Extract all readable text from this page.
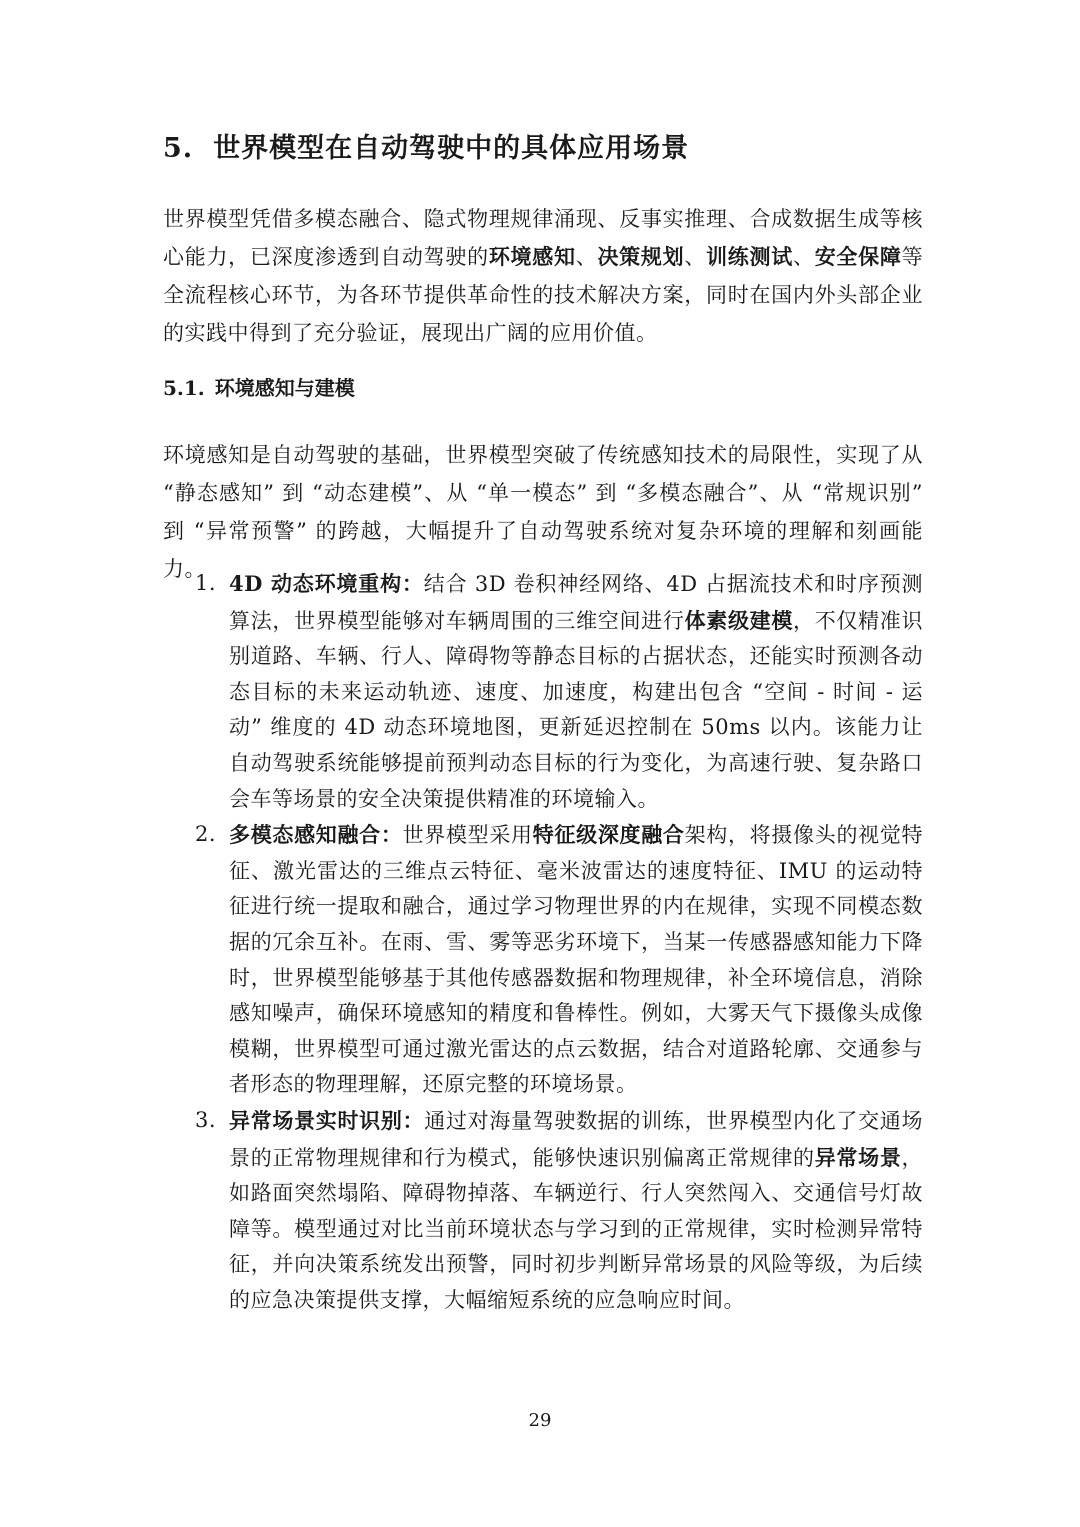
5. 世界模型在自动驾驶中的具体应用场景
世界模型凭借多模态融合、隐式物理规律涌现、反事实推理、合成数据生成等核心能力，已深度渗透到自动驾驶的环境感知、决策规划、训练测试、安全保障等全流程核心环节，为各环节提供革命性的技术解决方案，同时在国内外头部企业的实践中得到了充分验证，展现出广阔的应用价值。
5.1. 环境感知与建模
环境感知是自动驾驶的基础，世界模型突破了传统感知技术的局限性，实现了从 “静态感知” 到 “动态建模”、从 “单一模态” 到 “多模态融合”、从 “常规识别” 到 “异常预警” 的跨越，大幅提升了自动驾驶系统对复杂环境的理解和刻画能力。
1. 4D 动态环境重构：结合 3D 卷积神经网络、4D 占据流技术和时序预测算法，世界模型能够对车辆周围的三维空间进行体素级建模，不仅精准识别道路、车辆、行人、障碍物等静态目标的占据状态，还能实时预测各动态目标的未来运动轨迹、速度、加速度，构建出包含 “空间 - 时间 - 运动” 维度的 4D 动态环境地图，更新延迟控制在 50ms 以内。该能力让自动驾驶系统能够提前预判动态目标的行为变化，为高速行驶、复杂路口会车等场景的安全决策提供精准的环境输入。
2. 多模态感知融合：世界模型采用特征级深度融合架构，将摄像头的视觉特征、激光雷达的三维点云特征、毫米波雷达的速度特征、IMU 的运动特征进行统一提取和融合，通过学习物理世界的内在规律，实现不同模态数据的冗余互补。在雨、雪、雾等恶劣环境下，当某一传感器感知能力下降时，世界模型能够基于其他传感器数据和物理规律，补全环境信息，消除感知噪声，确保环境感知的精度和鲁棒性。例如，大雾天气下摄像头成像模糊，世界模型可通过激光雷达的点云数据，结合对道路轮廓、交通参与者形态的物理理解，还原完整的环境场景。
3. 异常场景实时识别：通过对海量驾驶数据的训练，世界模型内化了交通场景的正常物理规律和行为模式，能够快速识别偏离正常规律的异常场景，如路面突然塌陷、障碍物掉落、车辆逆行、行人突然闯入、交通信号灯故障等。模型通过对比当前环境状态与学习到的正常规律，实时检测异常特征，并向决策系统发出预警，同时初步判断异常场景的风险等级，为后续的应急决策提供支撑，大幅缩短系统的应急响应时间。
29
